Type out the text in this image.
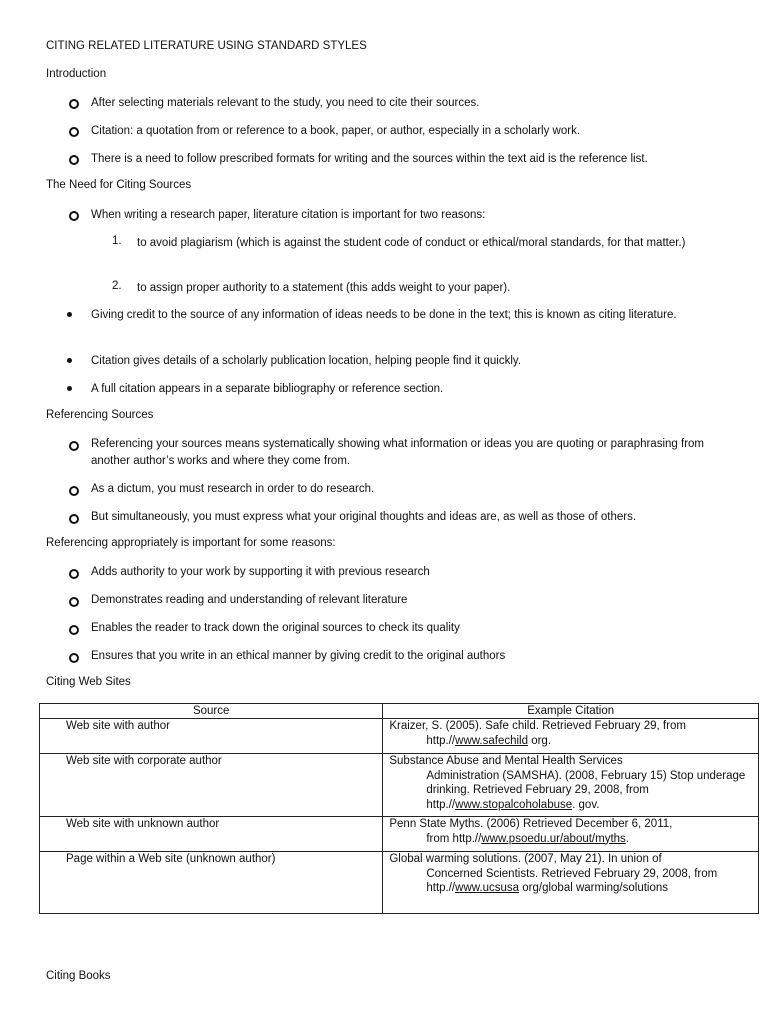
CITING RELATED LITERATURE USING STANDARD STYLES
Introduction
After selecting materials relevant to the study, you need to cite their sources.
Citation: a quotation from or reference to a book, paper, or author, especially in a scholarly work.
There is a need to follow prescribed formats for writing and the sources within the text aid is the reference list.
The Need for Citing Sources
When writing a research paper, literature citation is important for two reasons:
1. to avoid plagiarism (which is against the student code of conduct or ethical/moral standards, for that matter.)
2. to assign proper authority to a statement (this adds weight to your paper).
Giving credit to the source of any information of ideas needs to be done in the text; this is known as citing literature.
Citation gives details of a scholarly publication location, helping people find it quickly.
A full citation appears in a separate bibliography or reference section.
Referencing Sources
Referencing your sources means systematically showing what information or ideas you are quoting or paraphrasing from another author’s works and where they come from.
As a dictum, you must research in order to do research.
But simultaneously, you must express what your original thoughts and ideas are, as well as those of others.
Referencing appropriately is important for some reasons:
Adds authority to your work by supporting it with previous research
Demonstrates reading and understanding of relevant literature
Enables the reader to track down the original sources to check its quality
Ensures that you write in an ethical manner by giving credit to the original authors
Citing Web Sites
Source	Example Citation
Web site with author	Kraizer, S. (2005). Safe child. Retrieved February 29, from
http.//www.safechild org.

Web site with corporate author	Substance Abuse and Mental Health Services
Administration (SAMSHA). (2008, February 15) Stop underage drinking. Retrieved February 29, 2008, from http.//www.stopalcoholabuse. gov.

Web site with unknown author	Penn State Myths. (2006) Retrieved December 6, 2011,
from http.//www.psoedu.ur/about/myths.

Page within a Web site (unknown author)	Global warming solutions. (2007, May 21). In union of
Concerned Scientists. Retrieved February 29, 2008, from http.//www.ucsusa org/global warming/solutions
Citing Books
